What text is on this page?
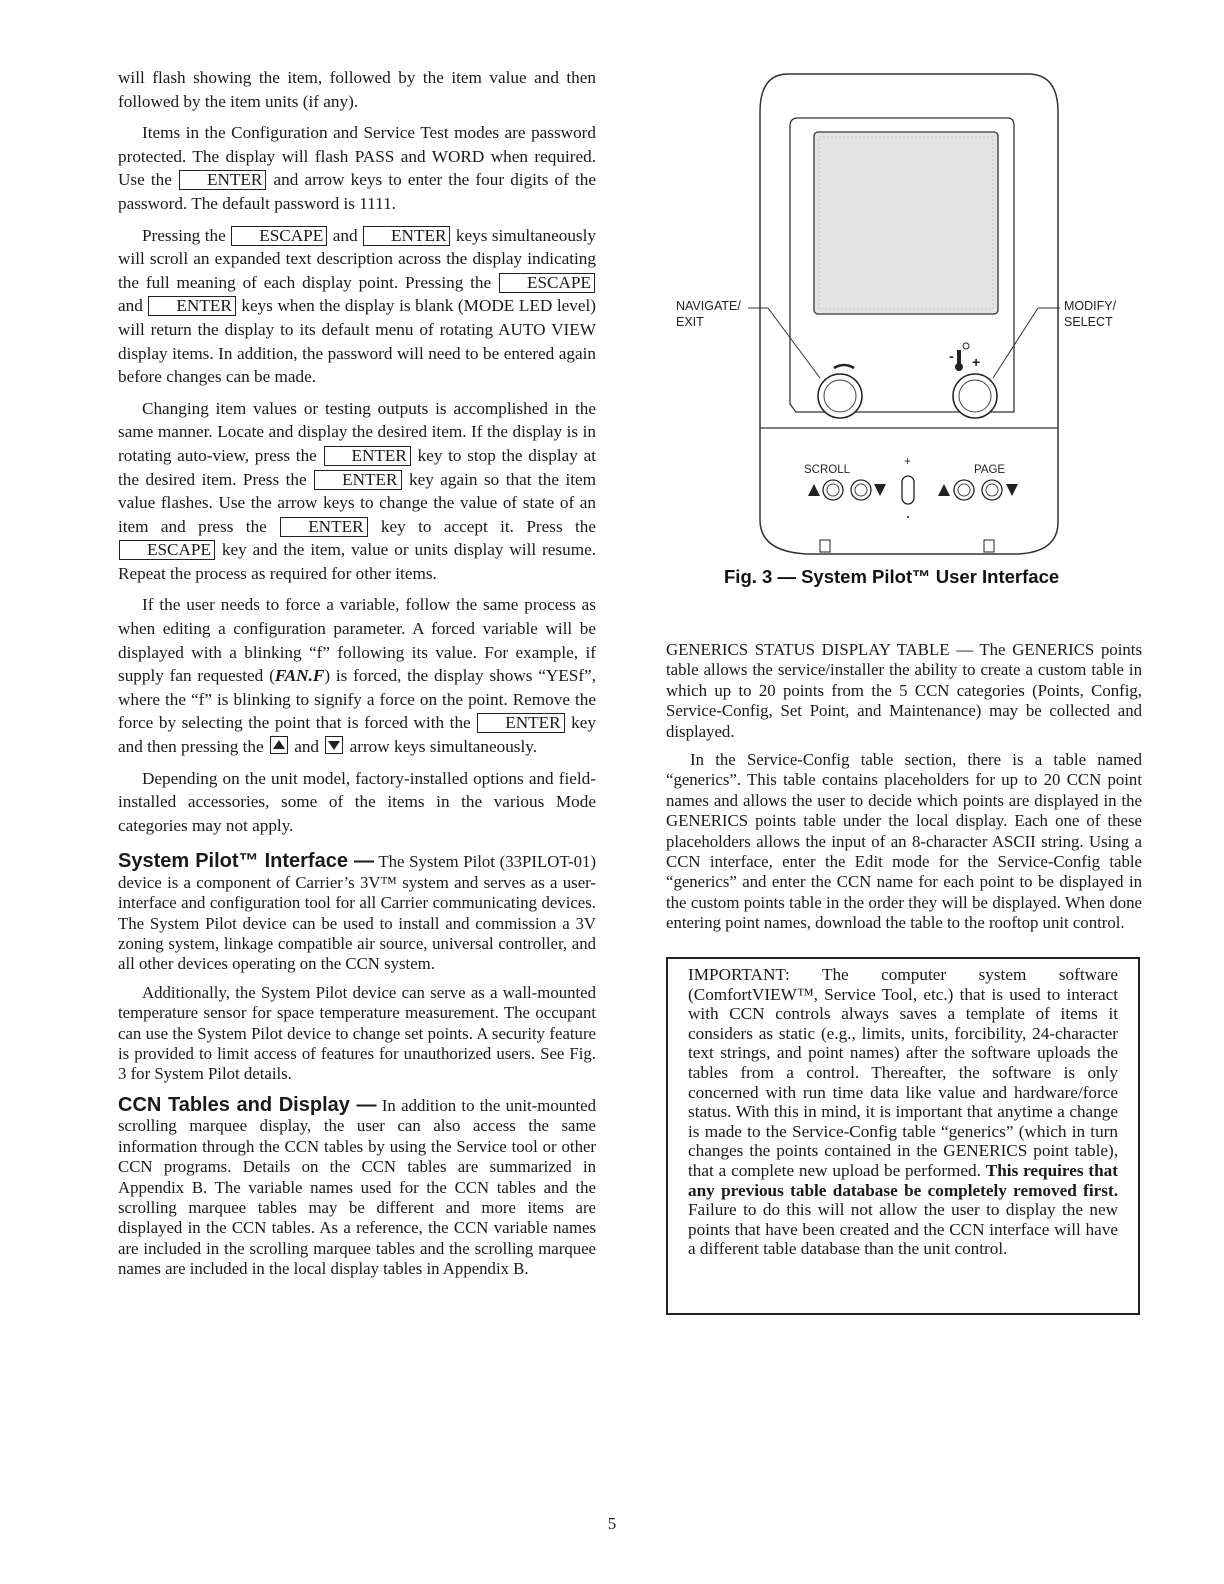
will flash showing the item, followed by the item value and then followed by the item units (if any).

Items in the Configuration and Service Test modes are password protected. The display will flash PASS and WORD when required. Use the ENTER and arrow keys to enter the four digits of the password. The default password is 1111.

Pressing the ESCAPE and ENTER keys simultaneously will scroll an expanded text description across the display indicating the full meaning of each display point. Pressing the ESCAPE and ENTER keys when the display is blank (MODE LED level) will return the display to its default menu of rotating AUTO VIEW display items. In addition, the password will need to be entered again before changes can be made.

Changing item values or testing outputs is accomplished in the same manner. Locate and display the desired item. If the display is in rotating auto-view, press the ENTER key to stop the display at the desired item. Press the ENTER key again so that the item value flashes. Use the arrow keys to change the value of state of an item and press the ENTER key to accept it. Press the ESCAPE key and the item, value or units display will resume. Repeat the process as required for other items.

If the user needs to force a variable, follow the same process as when editing a configuration parameter. A forced variable will be displayed with a blinking “f” following its value. For example, if supply fan requested (FAN.F) is forced, the display shows “YESf”, where the “f” is blinking to signify a force on the point. Remove the force by selecting the point that is forced with the ENTER key and then pressing the  and  arrow keys simultaneously.

Depending on the unit model, factory-installed options and field-installed accessories, some of the items in the various Mode categories may not apply.

System Pilot™ Interface — The System Pilot (33PILOT-01) device is a component of Carrier’s 3V™ system and serves as a user-interface and configuration tool for all Carrier communicating devices. The System Pilot device can be used to install and commission a 3V zoning system, linkage compatible air source, universal controller, and all other devices operating on the CCN system.

Additionally, the System Pilot device can serve as a wall-mounted temperature sensor for space temperature measurement. The occupant can use the System Pilot device to change set points. A security feature is provided to limit access of features for unauthorized users. See Fig. 3 for System Pilot details.

CCN Tables and Display — In addition to the unit-mounted scrolling marquee display, the user can also access the same information through the CCN tables by using the Service tool or other CCN programs. Details on the CCN tables are summarized in Appendix B. The variable names used for the CCN tables and the scrolling marquee tables may be different and more items are displayed in the CCN tables. As a reference, the CCN variable names are included in the scrolling marquee tables and the scrolling marquee names are included in the local display tables in Appendix B.

NAVIGATE/
EXIT
MODIFY/
SELECT
- +
SCROLL
+
PAGE
Fig. 3 — System Pilot™ User Interface

GENERICS STATUS DISPLAY TABLE — The GENERICS points table allows the service/installer the ability to create a custom table in which up to 20 points from the 5 CCN categories (Points, Config, Service-Config, Set Point, and Maintenance) may be collected and displayed.

In the Service-Config table section, there is a table named “generics”. This table contains placeholders for up to 20 CCN point names and allows the user to decide which points are displayed in the GENERICS points table under the local display. Each one of these placeholders allows the input of an 8-character ASCII string. Using a CCN interface, enter the Edit mode for the Service-Config table “generics” and enter the CCN name for each point to be displayed in the custom points table in the order they will be displayed. When done entering point names, download the table to the rooftop unit control.

IMPORTANT: The computer system software (ComfortVIEW™, Service Tool, etc.) that is used to interact with CCN controls always saves a template of items it considers as static (e.g., limits, units, forcibility, 24-character text strings, and point names) after the software uploads the tables from a control. Thereafter, the software is only concerned with run time data like value and hardware/force status. With this in mind, it is important that anytime a change is made to the Service-Config table “generics” (which in turn changes the points contained in the GENERICS point table), that a complete new upload be performed. This requires that any previous table database be completely removed first. Failure to do this will not allow the user to display the new points that have been created and the CCN interface will have a different table database than the unit control.

5
